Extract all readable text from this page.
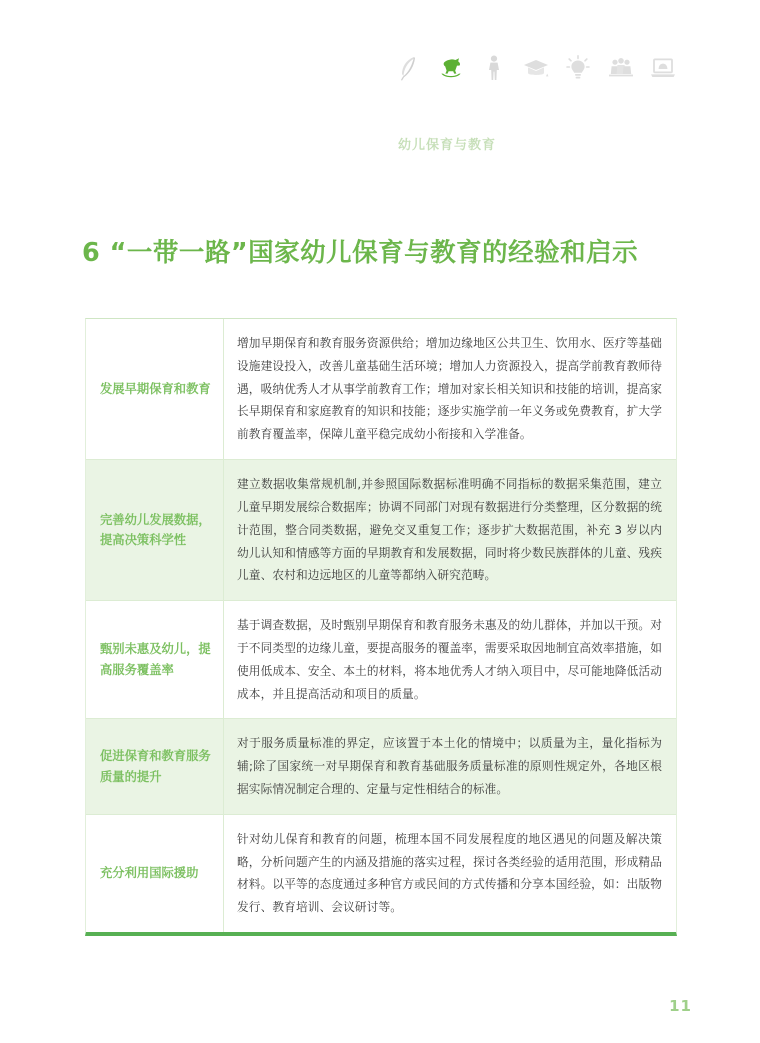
幼儿保育与教育
6 “一带一路”国家幼儿保育与教育的经验和启示
发展早期保育和教育
增加早期保育和教育服务资源供给；增加边缘地区公共卫生、饮用水、医疗等基础设施建设投入，改善儿童基础生活环境；增加人力资源投入，提高学前教育教师待遇，吸纳优秀人才从事学前教育工作；增加对家长相关知识和技能的培训，提高家长早期保育和家庭教育的知识和技能；逐步实施学前一年义务或免费教育，扩大学前教育覆盖率，保障儿童平稳完成幼小衔接和入学准备。
完善幼儿发展数据，提高决策科学性
建立数据收集常规机制,并参照国际数据标准明确不同指标的数据采集范围，建立儿童早期发展综合数据库；协调不同部门对现有数据进行分类整理，区分数据的统计范围，整合同类数据，避免交叉重复工作；逐步扩大数据范围，补充 3 岁以内幼儿认知和情感等方面的早期教育和发展数据，同时将少数民族群体的儿童、残疾儿童、农村和边远地区的儿童等都纳入研究范畴。
甄别未惠及幼儿，提高服务覆盖率
基于调查数据，及时甄别早期保育和教育服务未惠及的幼儿群体，并加以干预。对于不同类型的边缘儿童，要提高服务的覆盖率，需要采取因地制宜高效率措施，如使用低成本、安全、本土的材料，将本地优秀人才纳入项目中，尽可能地降低活动成本，并且提高活动和项目的质量。
促进保育和教育服务质量的提升
对于服务质量标准的界定，应该置于本土化的情境中；以质量为主，量化指标为辅;除了国家统一对早期保育和教育基础服务质量标准的原则性规定外，各地区根据实际情况制定合理的、定量与定性相结合的标准。
充分利用国际援助
针对幼儿保育和教育的问题，梳理本国不同发展程度的地区遇见的问题及解决策略，分析问题产生的内涵及措施的落实过程，探讨各类经验的适用范围，形成精品材料。以平等的态度通过多种官方或民间的方式传播和分享本国经验，如：出版物发行、教育培训、会议研讨等。
11
